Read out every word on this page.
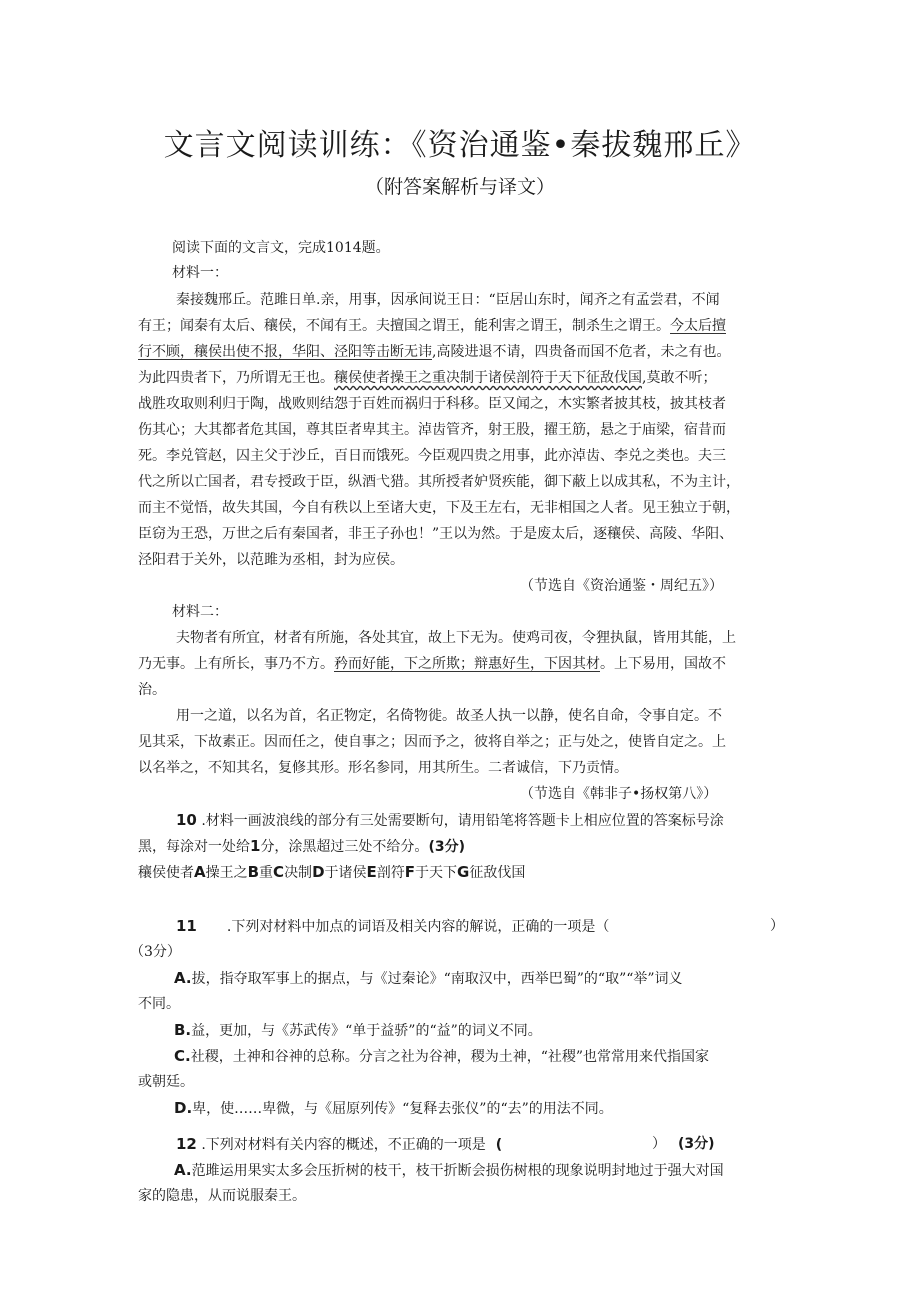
文言文阅读训练：《资治通鉴•秦拔魏邢丘》
（附答案解析与译文）
阅读下面的文言文，完成1014题。
材料一：
秦接魏邢丘。范雎日单.亲，用事，因承间说王日：“臣居山东时，闻齐之有孟尝君，不闻
有王；闻秦有太后、穰侯，不闻有王。夫擅国之谓王，能利害之谓王，制杀生之谓王。今太后擅
行不顾，穰侯出使不报，华阳、泾阳等击断无讳,高陵进退不请，四贵备而国不危者，未之有也。
为此四贵者下，乃所谓无王也。穰侯使者操王之重决制于诸侯剖符于天下征敌伐国,莫敢不听；
战胜攻取则利归于陶，战败则结怨于百姓而祸归于科移。臣又闻之，木实繁者披其枝，披其枝者
伤其心；大其都者危其国，尊其臣者卑其主。淖齿管齐，射王股，擢王筋，悬之于庙梁，宿昔而
死。李兑管赵，囚主父于沙丘，百日而饿死。今臣观四贵之用事，此亦淖齿、李兑之类也。夫三
代之所以亡国者，君专授政于臣，纵酒弋猎。其所授者妒贤疾能，御下蔽上以成其私，不为主计，
而主不觉悟，故失其国，今自有秩以上至诸大吏，下及王左右，无非相国之人者。见王独立于朝，
臣窃为王恐，万世之后有秦国者，非王子孙也！”王以为然。于是废太后，逐穰侯、高陵、华阳、
泾阳君于关外，以范雎为丞相，封为应侯。
（节选自《资治通鉴・周纪五》）
材料二：
夫物者有所宜，材者有所施，各处其宜，故上下无为。使鸡司夜，令狸执鼠，皆用其能，上
乃无事。上有所长，事乃不方。矜而好能，下之所欺；辩惠好生，下因其材。上下易用，国故不
治。
用一之道，以名为首，名正物定，名倚物徙。故圣人执一以静，使名自命，令事自定。不
见其采，下故素正。因而任之，使自事之；因而予之，彼将自举之；正与处之，使皆自定之。上
以名举之，不知其名，复修其形。形名参同，用其所生。二者诚信，下乃贡情。
（节选自《韩非子•扬权第八》）
10 .材料一画波浪线的部分有三处需要断句，请用铅笔将答题卡上相应位置的答案标号涂
黑，每涂对一处给1分，涂黑超过三处不给分。(3分)
穰侯使者A操王之B重C决制D于诸侯E剖符F于天下G征敌伐国
11 .下列对材料中加点的词语及相关内容的解说，正确的一项是（	）
（3分）
A.拔，指夺取军事上的据点，与《过秦论》“南取汉中，西举巴蜀”的“取”“举”词义
不同。
B.益，更加，与《苏武传》“单于益骄”的“益”的词义不同。
C.社稷，土神和谷神的总称。分言之社为谷神，稷为土神，“社稷”也常常用来代指国家
或朝廷。
D.卑，使……卑微，与《屈原列传》“复释去张仪”的“去”的用法不同。
12 .下列对材料有关内容的概述，不正确的一项是 (	） (3分)
A.范雎运用果实太多会压折树的枝干，枝干折断会损伤树根的现象说明封地过于强大对国
家的隐患，从而说服秦王。
